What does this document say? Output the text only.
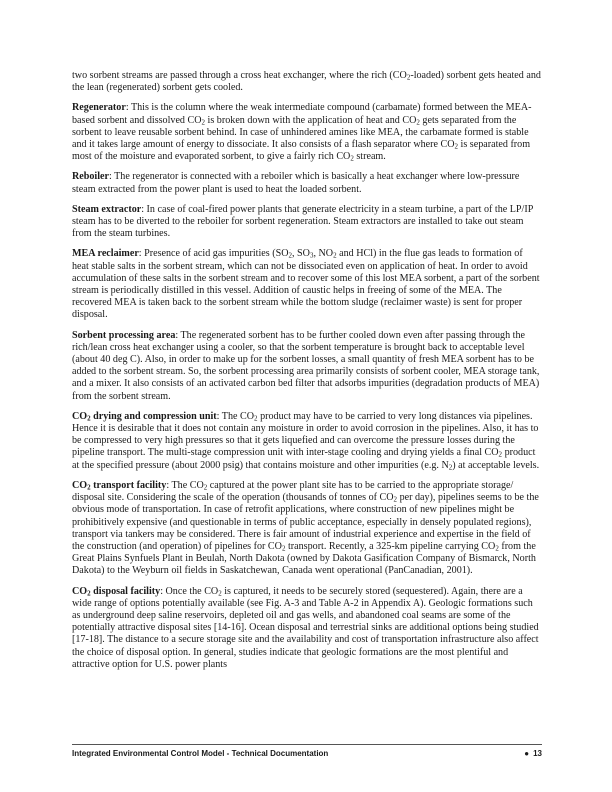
two sorbent streams are passed through a cross heat exchanger, where the rich $(CO_2-loaded)$ sorbent gets heated and the lean (regenerated) sorbent gets cooled.

Regenerator: This is the column where the weak intermediate compound (carbamate) formed between the MEA-based sorbent and dissolved $CO_2$ is broken down with the application of heat and $CO_2$ gets separated from the sorbent to leave reusable sorbent behind. In case of unhindered amines like MEA, the carbamate formed is stable and it takes large amount of energy to dissociate. It also consists of a flash separator where $CO_2$ is separated from most of the moisture and evaporated sorbent, to give a fairly rich $CO_2$ stream.

Reboiler: The regenerator is connected with a reboiler which is basically a heat exchanger where low-pressure steam extracted from the power plant is used to heat the loaded sorbent.

Steam extractor: In case of coal-fired power plants that generate electricity in a steam turbine, a part of the LP/IP steam has to be diverted to the reboiler for sorbent regeneration. Steam extractors are installed to take out steam from the steam turbines.

MEA reclaimer: Presence of acid gas impurities ($SO_2$, $SO_3$, $NO_2$ and HCl) in the flue gas leads to formation of heat stable salts in the sorbent stream, which can not be dissociated even on application of heat. In order to avoid accumulation of these salts in the sorbent stream and to recover some of this lost MEA sorbent, a part of the sorbent stream is periodically distilled in this vessel. Addition of caustic helps in freeing of some of the MEA. The recovered MEA is taken back to the sorbent stream while the bottom sludge (reclaimer waste) is sent for proper disposal.

Sorbent processing area: The regenerated sorbent has to be further cooled down even after passing through the rich/lean cross heat exchanger using a cooler, so that the sorbent temperature is brought back to acceptable level (about 40 deg C). Also, in order to make up for the sorbent losses, a small quantity of fresh MEA sorbent has to be added to the sorbent stream. So, the sorbent processing area primarily consists of sorbent cooler, MEA storage tank, and a mixer. It also consists of an activated carbon bed filter that adsorbs impurities (degradation products of MEA) from the sorbent stream.

$CO_2$ drying and compression unit: The $CO_2$ product may have to be carried to very long distances via pipelines. Hence it is desirable that it does not contain any moisture in order to avoid corrosion in the pipelines. Also, it has to be compressed to very high pressures so that it gets liquefied and can overcome the pressure losses during the pipeline transport. The multi-stage compression unit with inter-stage cooling and drying yields a final $CO_2$ product at the specified pressure (about 2000 psig) that contains moisture and other impurities (e.g. $N_2$) at acceptable levels.

$CO_2$ transport facility: The $CO_2$ captured at the power plant site has to be carried to the appropriate storage/ disposal site. Considering the scale of the operation (thousands of tonnes of $CO_2$ per day), pipelines seems to be the obvious mode of transportation. In case of retrofit applications, where construction of new pipelines might be prohibitively expensive (and questionable in terms of public acceptance, especially in densely populated regions), transport via tankers may be considered. There is fair amount of industrial experience and expertise in the field of the construction (and operation) of pipelines for $CO_2$ transport. Recently, a 325-km pipeline carrying $CO_2$ from the Great Plains Synfuels Plant in Beulah, North Dakota (owned by Dakota Gasification Company of Bismarck, North Dakota) to the Weyburn oil fields in Saskatchewan, Canada went operational (PanCanadian, 2001).

$CO_2$ disposal facility: Once the $CO_2$ is captured, it needs to be securely stored (sequestered). Again, there are a wide range of options potentially available (see Fig. A-3 and Table A-2 in Appendix A). Geologic formations such as underground deep saline reservoirs, depleted oil and gas wells, and abandoned coal seams are some of the potentially attractive disposal sites [14-16]. Ocean disposal and terrestrial sinks are additional options being studied [17-18]. The distance to a secure storage site and the availability and cost of transportation infrastructure also affect the choice of disposal option. In general, studies indicate that geologic formations are the most plentiful and attractive option for U.S. power plants

Integrated Environmental Control Model - Technical Documentation	● 13
